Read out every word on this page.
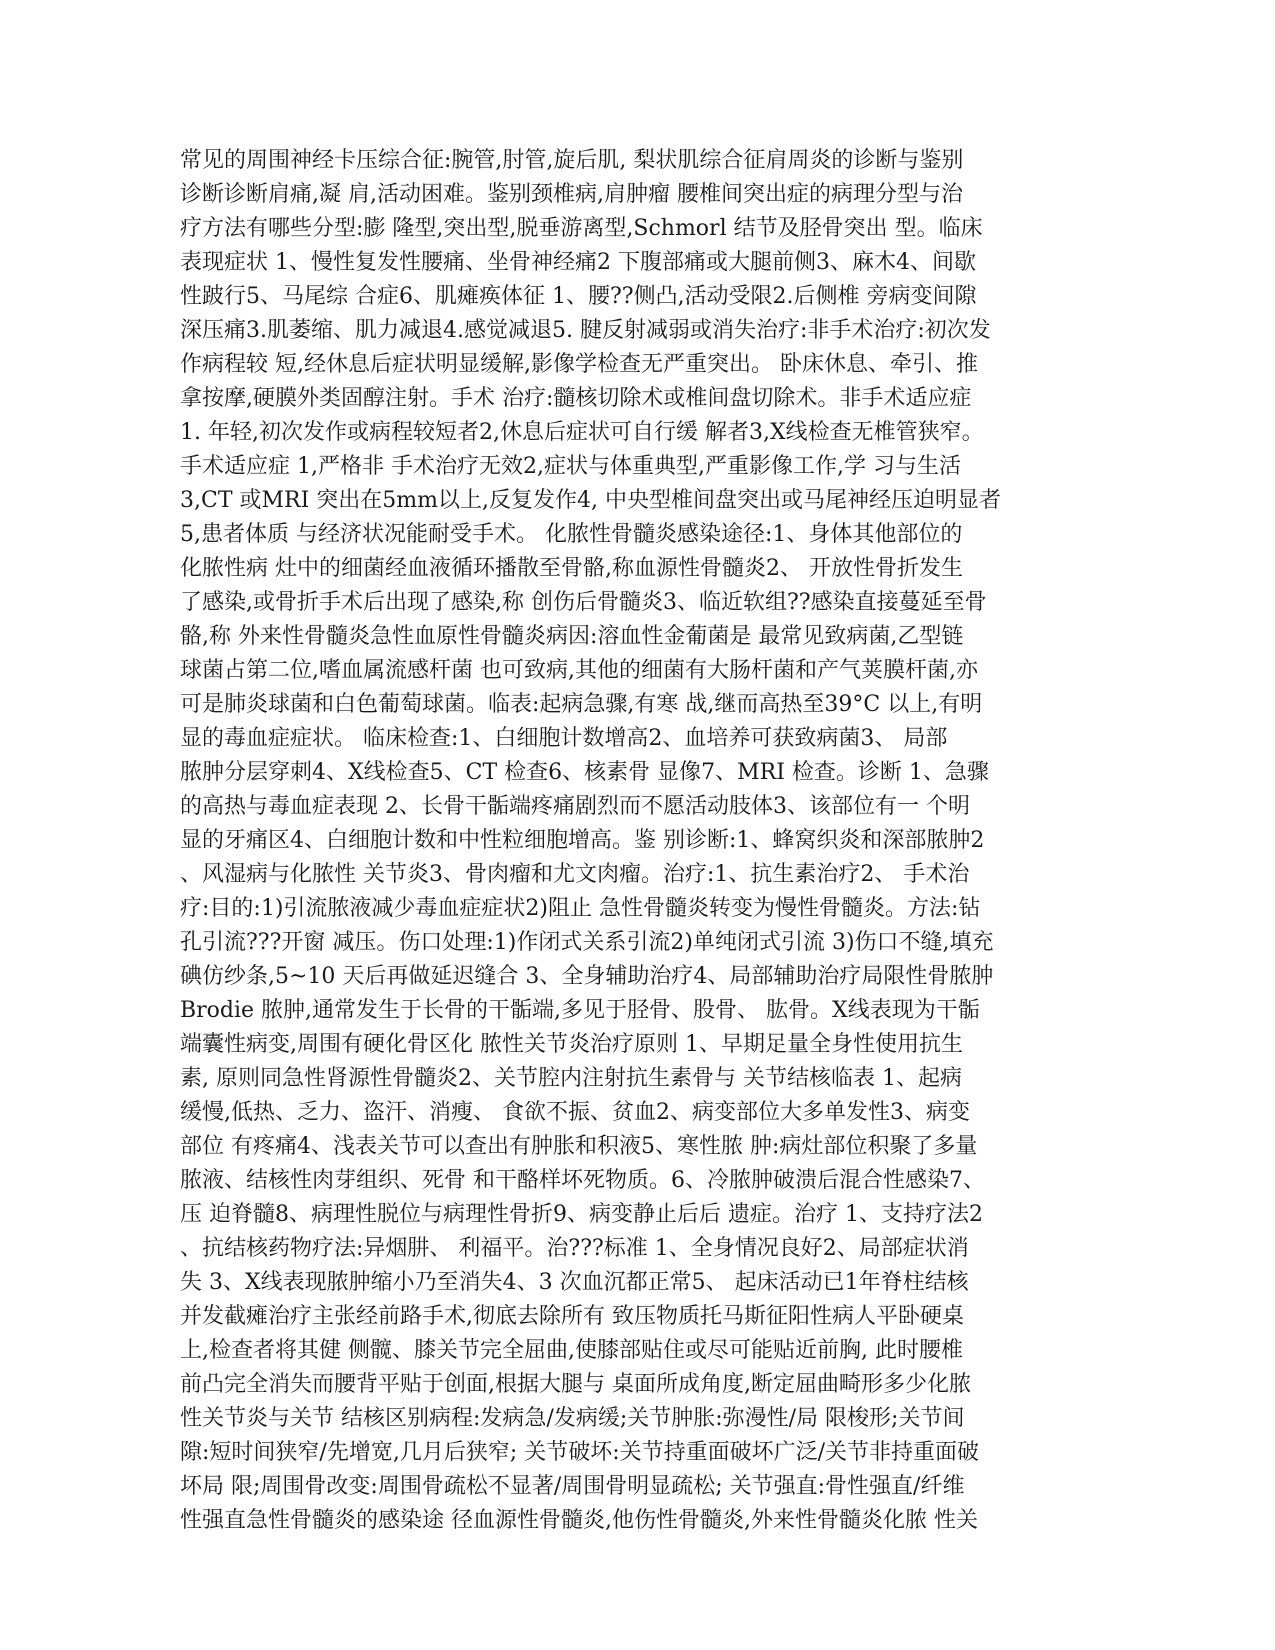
常见的周围神经卡压综合征:腕管,肘管,旋后肌, 梨状肌综合征肩周炎的诊断与鉴别
诊断诊断肩痛,凝 肩,活动困难。鉴别颈椎病,肩肿瘤 腰椎间突出症的病理分型与治
疗方法有哪些分型:膨 隆型,突出型,脱垂游离型,Schmorl 结节及胫骨突出 型。临床
表现症状 1、慢性复发性腰痛、坐骨神经痛2 下腹部痛或大腿前侧3、麻木4、间歇
性跛行5、马尾综 合症6、肌瘫痪体征 1、腰??侧凸,活动受限2.后侧椎 旁病变间隙
深压痛3.肌萎缩、肌力减退4.感觉减退5. 腱反射减弱或消失治疗:非手术治疗:初次发
作病程较 短,经休息后症状明显缓解,影像学检查无严重突出。 卧床休息、牵引、推
拿按摩,硬膜外类固醇注射。手术 治疗:髓核切除术或椎间盘切除术。非手术适应症
1. 年轻,初次发作或病程较短者2,休息后症状可自行缓 解者3,X线检查无椎管狭窄。
手术适应症 1,严格非 手术治疗无效2,症状与体重典型,严重影像工作,学 习与生活
3,CT 或MRI 突出在5mm以上,反复发作4, 中央型椎间盘突出或马尾神经压迫明显者
5,患者体质 与经济状况能耐受手术。 化脓性骨髓炎感染途径:1、身体其他部位的
化脓性病 灶中的细菌经血液循环播散至骨骼,称血源性骨髓炎2、 开放性骨折发生
了感染,或骨折手术后出现了感染,称 创伤后骨髓炎3、临近软组??感染直接蔓延至骨
骼,称 外来性骨髓炎急性血原性骨髓炎病因:溶血性金葡菌是 最常见致病菌,乙型链
球菌占第二位,嗜血属流感杆菌 也可致病,其他的细菌有大肠杆菌和产气荚膜杆菌,亦
可是肺炎球菌和白色葡萄球菌。临表:起病急骤,有寒 战,继而高热至39°C 以上,有明
显的毒血症症状。 临床检查:1、白细胞计数增高2、血培养可获致病菌3、 局部
脓肿分层穿刺4、X线检查5、CT 检查6、核素骨 显像7、MRI 检查。诊断 1、急骤
的高热与毒血症表现 2、长骨干骺端疼痛剧烈而不愿活动肢体3、该部位有一 个明
显的牙痛区4、白细胞计数和中性粒细胞增高。鉴 别诊断:1、蜂窝织炎和深部脓肿2
、风湿病与化脓性 关节炎3、骨肉瘤和尤文肉瘤。治疗:1、抗生素治疗2、 手术治
疗:目的:1)引流脓液减少毒血症症状2)阻止 急性骨髓炎转变为慢性骨髓炎。方法:钻
孔引流???开窗 减压。伤口处理:1)作闭式关系引流2)单纯闭式引流 3)伤口不缝,填充
碘仿纱条,5~10 天后再做延迟缝合 3、全身辅助治疗4、局部辅助治疗局限性骨脓肿
Brodie 脓肿,通常发生于长骨的干骺端,多见于胫骨、股骨、 肱骨。X线表现为干骺
端囊性病变,周围有硬化骨区化 脓性关节炎治疗原则 1、早期足量全身性使用抗生
素, 原则同急性肾源性骨髓炎2、关节腔内注射抗生素骨与 关节结核临表 1、起病
缓慢,低热、乏力、盗汗、消瘦、 食欲不振、贫血2、病变部位大多单发性3、病变
部位 有疼痛4、浅表关节可以查出有肿胀和积液5、寒性脓 肿:病灶部位积聚了多量
脓液、结核性肉芽组织、死骨 和干酪样坏死物质。6、冷脓肿破溃后混合性感染7、
压 迫脊髓8、病理性脱位与病理性骨折9、病变静止后后 遗症。治疗 1、支持疗法2
、抗结核药物疗法:异烟肼、 利福平。治???标准 1、全身情况良好2、局部症状消
失 3、X线表现脓肿缩小乃至消失4、3 次血沉都正常5、 起床活动已1年脊柱结核
并发截瘫治疗主张经前路手术,彻底去除所有 致压物质托马斯征阳性病人平卧硬桌
上,检查者将其健 侧髋、膝关节完全屈曲,使膝部贴住或尽可能贴近前胸, 此时腰椎
前凸完全消失而腰背平贴于创面,根据大腿与 桌面所成角度,断定屈曲畸形多少化脓
性关节炎与关节 结核区别病程:发病急/发病缓;关节肿胀:弥漫性/局 限梭形;关节间
隙:短时间狭窄/先增宽,几月后狭窄; 关节破坏:关节持重面破坏广泛/关节非持重面破
坏局 限;周围骨改变:周围骨疏松不显著/周围骨明显疏松; 关节强直:骨性强直/纤维
性强直急性骨髓炎的感染途 径血源性骨髓炎,他伤性骨髓炎,外来性骨髓炎化脓 性关
